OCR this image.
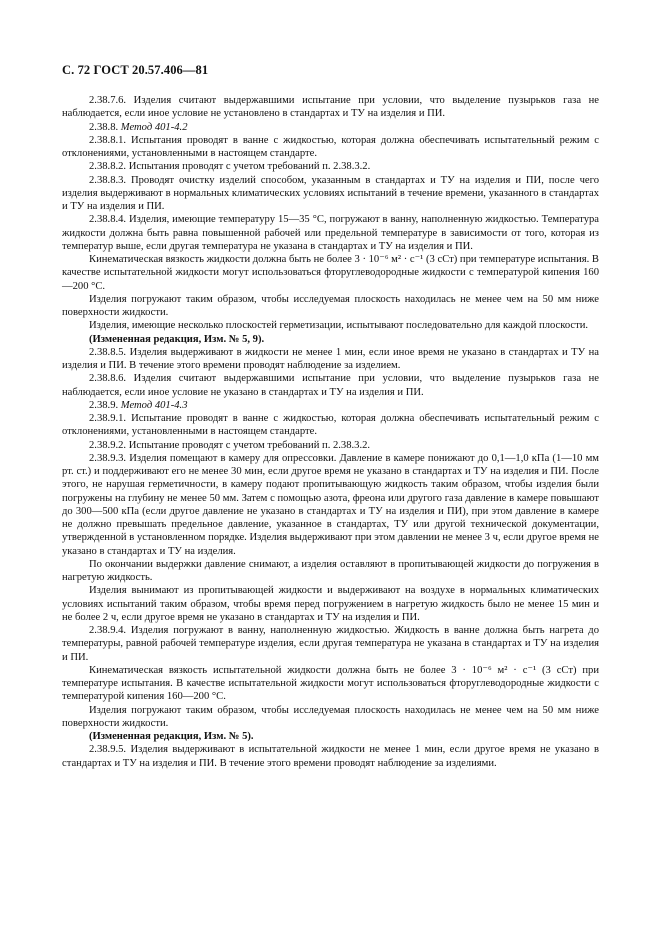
С. 72 ГОСТ 20.57.406—81

2.38.7.6. Изделия считают выдержавшими испытание при условии, что выделение пузырьков газа не наблюдается, если иное условие не установлено в стандартах и ТУ на изделия и ПИ.

2.38.8. Метод 401-4.2

2.38.8.1. Испытания проводят в ванне с жидкостью, которая должна обеспечивать испытательный режим с отклонениями, установленными в настоящем стандарте.

2.38.8.2. Испытания проводят с учетом требований п. 2.38.3.2.

2.38.8.3. Проводят очистку изделий способом, указанным в стандартах и ТУ на изделия и ПИ, после чего изделия выдерживают в нормальных климатических условиях испытаний в течение времени, указанного в стандартах и ТУ на изделия и ПИ.

2.38.8.4. Изделия, имеющие температуру 15—35 °С, погружают в ванну, наполненную жидкостью. Температура жидкости должна быть равна повышенной рабочей или предельной температуре в зависимости от того, которая из температур выше, если другая температура не указана в стандартах и ТУ на изделия и ПИ.

Кинематическая вязкость жидкости должна быть не более 3 · 10⁻⁶ м² · с⁻¹ (3 сСт) при температуре испытания. В качестве испытательной жидкости могут использоваться фторуглеводородные жидкости с температурой кипения 160—200 °С.

Изделия погружают таким образом, чтобы исследуемая плоскость находилась не менее чем на 50 мм ниже поверхности жидкости.

Изделия, имеющие несколько плоскостей герметизации, испытывают последовательно для каждой плоскости.

(Измененная редакция, Изм. № 5, 9).

2.38.8.5. Изделия выдерживают в жидкости не менее 1 мин, если иное время не указано в стандартах и ТУ на изделия и ПИ. В течение этого времени проводят наблюдение за изделием.

2.38.8.6. Изделия считают выдержавшими испытание при условии, что выделение пузырьков газа не наблюдается, если иное условие не указано в стандартах и ТУ на изделия и ПИ.

2.38.9. Метод 401-4.3

2.38.9.1. Испытание проводят в ванне с жидкостью, которая должна обеспечивать испытательный режим с отклонениями, установленными в настоящем стандарте.

2.38.9.2. Испытание проводят с учетом требований п. 2.38.3.2.

2.38.9.3. Изделия помещают в камеру для опрессовки. Давление в камере понижают до 0,1—1,0 кПа (1—10 мм рт. ст.) и поддерживают его не менее 30 мин, если другое время не указано в стандартах и ТУ на изделия и ПИ. После этого, не нарушая герметичности, в камеру подают пропитывающую жидкость таким образом, чтобы изделия были погружены на глубину не менее 50 мм. Затем с помощью азота, фреона или другого газа давление в камере повышают до 300—500 кПа (если другое давление не указано в стандартах и ТУ на изделия и ПИ), при этом давление в камере не должно превышать предельное давление, указанное в стандартах, ТУ или другой технической документации, утвержденной в установленном порядке. Изделия выдерживают при этом давлении не менее 3 ч, если другое время не указано в стандартах и ТУ на изделия.

По окончании выдержки давление снимают, а изделия оставляют в пропитывающей жидкости до погружения в нагретую жидкость.

Изделия вынимают из пропитывающей жидкости и выдерживают на воздухе в нормальных климатических условиях испытаний таким образом, чтобы время перед погружением в нагретую жидкость было не менее 15 мин и не более 2 ч, если другое время не указано в стандартах и ТУ на изделия и ПИ.

2.38.9.4. Изделия погружают в ванну, наполненную жидкостью. Жидкость в ванне должна быть нагрета до температуры, равной рабочей температуре изделия, если другая температура не указана в стандартах и ТУ на изделия и ПИ.

Кинематическая вязкость испытательной жидкости должна быть не более 3 · 10⁻⁶ м² · с⁻¹ (3 сСт) при температуре испытания. В качестве испытательной жидкости могут использоваться фторуглеводородные жидкости с температурой кипения 160—200 °С.

Изделия погружают таким образом, чтобы исследуемая плоскость находилась не менее чем на 50 мм ниже поверхности жидкости.

(Измененная редакция, Изм. № 5).

2.38.9.5. Изделия выдерживают в испытательной жидкости не менее 1 мин, если другое время не указано в стандартах и ТУ на изделия и ПИ. В течение этого времени проводят наблюдение за изделиями.
